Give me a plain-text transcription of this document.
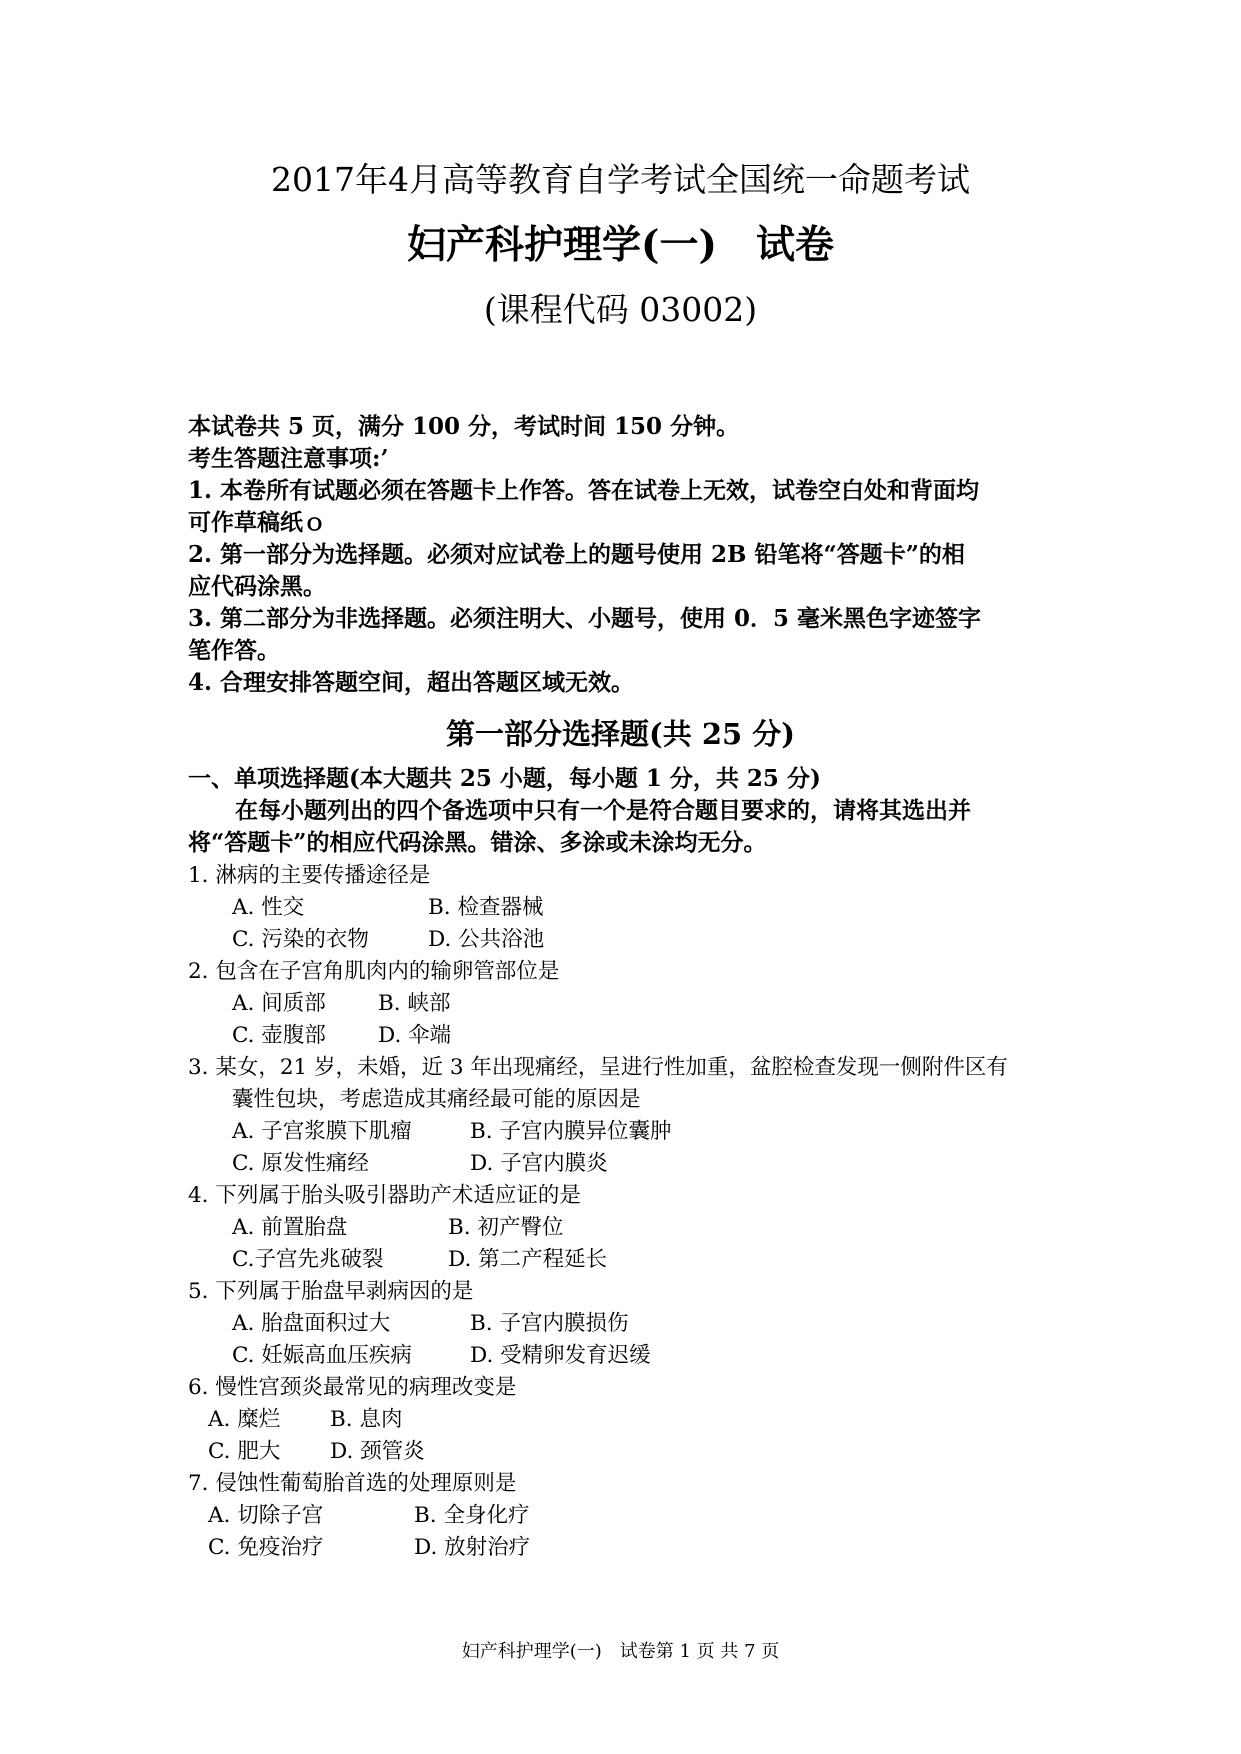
2017年4月高等教育自学考试全国统一命题考试
妇产科护理学(一)　试卷
(课程代码 03002)
本试卷共 5 页，满分 100 分，考试时间 150 分钟。
考生答题注意事项:’
1. 本卷所有试题必须在答题卡上作答。答在试卷上无效，试卷空白处和背面均
可作草稿纸ｏ
2. 第一部分为选择题。必须对应试卷上的题号使用 2B 铅笔将“答题卡”的相
应代码涂黑。
3. 第二部分为非选择题。必须注明大、小题号，使用 0．5 毫米黑色字迹签字
笔作答。
4. 合理安排答题空间，超出答题区域无效。
第一部分选择题(共 25 分)
一、单项选择题(本大题共 25 小题，每小题 1 分，共 25 分)
在每小题列出的四个备选项中只有一个是符合题目要求的，请将其选出并
将“答题卡”的相应代码涂黑。错涂、多涂或未涂均无分。
1. 淋病的主要传播途径是
A. 性交	B. 检查器械
C. 污染的衣物	D. 公共浴池
2. 包含在子宫角肌肉内的输卵管部位是
A. 间质部 B. 峡部
C. 壶腹部 D. 伞端
3. 某女，21 岁，未婚，近 3 年出现痛经，呈进行性加重，盆腔检查发现一侧附件区有
囊性包块，考虑造成其痛经最可能的原因是
A. 子宫浆膜下肌瘤	B. 子宫内膜异位囊肿
C. 原发性痛经	D. 子宫内膜炎
4. 下列属于胎头吸引器助产术适应证的是
A. 前置胎盘	B. 初产臀位
C.子宫先兆破裂	D. 第二产程延长
5. 下列属于胎盘早剥病因的是
A. 胎盘面积过大	B. 子宫内膜损伤
C. 妊娠高血压疾病	D. 受精卵发育迟缓
6. 慢性宫颈炎最常见的病理改变是
A. 糜烂 B. 息肉
C. 肥大 D. 颈管炎
7. 侵蚀性葡萄胎首选的处理原则是
A. 切除子宫	B. 全身化疗
C. 免疫治疗	D. 放射治疗
妇产科护理学(一)　试卷第 1 页 共 7 页
